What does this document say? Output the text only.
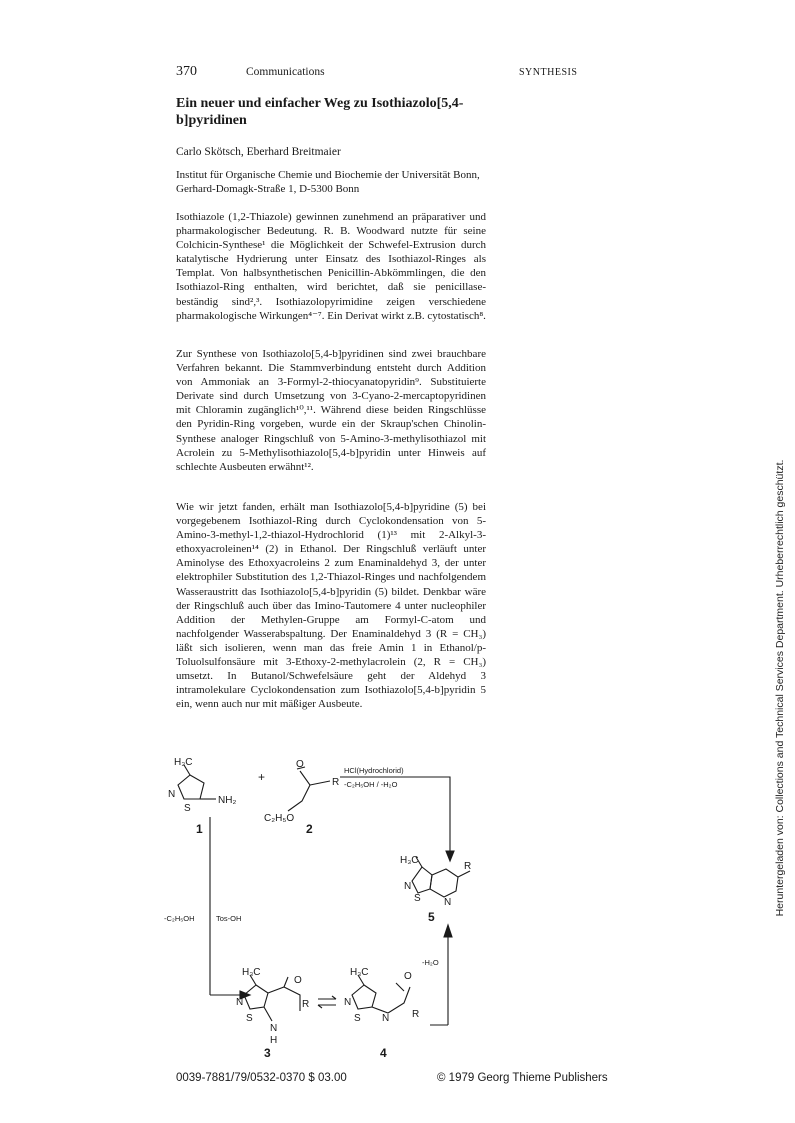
370	Communications	SYNTHESIS
Ein neuer und einfacher Weg zu Isothiazolo[5,4-b]pyridinen
Carlo Skötsch, Eberhard Breitmaier
Institut für Organische Chemie und Biochemie der Universität Bonn, Gerhard-Domagk-Straße 1, D-5300 Bonn
Isothiazole (1,2-Thiazole) gewinnen zunehmend an präparativer und pharmakologischer Bedeutung. R. B. Woodward nutzte für seine Colchicin-Synthese¹ die Möglichkeit der Schwefel-Extrusion durch katalytische Hydrierung unter Einsatz des Isothiazol-Ringes als Templat. Von halbsynthetischen Penicillin-Abkömmlingen, die den Isothiazol-Ring enthalten, wird berichtet, daß sie penicillase-beständig sind²,³. Isothiazolopyrimidine zeigen verschiedene pharmakologische Wirkungen⁴⁻⁷. Ein Derivat wirkt z.B. cytostatisch⁸.
Zur Synthese von Isothiazolo[5,4-b]pyridinen sind zwei brauchbare Verfahren bekannt. Die Stammverbindung entsteht durch Addition von Ammoniak an 3-Formyl-2-thiocyanatopyridin⁹. Substituierte Derivate sind durch Umsetzung von 3-Cyano-2-mercaptopyridinen mit Chloramin zugänglich¹⁰,¹¹. Während diese beiden Ringschlüsse den Pyridin-Ring vorgeben, wurde ein der Skraup'schen Chinolin-Synthese analoger Ringschluß von 5-Amino-3-methylisothiazol mit Acrolein zu 5-Methylisothiazolo[5,4-b]pyridin unter Hinweis auf schlechte Ausbeuten erwähnt¹².
Wie wir jetzt fanden, erhält man Isothiazolo[5,4-b]pyridine (5) bei vorgegebenem Isothiazol-Ring durch Cyclokondensation von 5-Amino-3-methyl-1,2-thiazol-Hydrochlorid (1)¹³ mit 2-Alkyl-3-ethoxyacroleinen¹⁴ (2) in Ethanol. Der Ringschluß verläuft unter Aminolyse des Ethoxyacroleins 2 zum Enaminaldehyd 3, der unter elektrophiler Substitution des 1,2-Thiazol-Ringes und nachfolgendem Wasseraustritt das Isothiazolo[5,4-b]pyridin (5) bildet. Denkbar wäre der Ringschluß auch über das Imino-Tautomere 4 unter nucleophiler Addition der Methylen-Gruppe am Formyl-C-atom und nachfolgender Wasserabspaltung. Der Enaminaldehyd 3 (R = CH₃) läßt sich isolieren, wenn man das freie Amin 1 in Ethanol/p-Toluolsulfonsäure mit 3-Ethoxy-2-methylacrolein (2, R = CH₃) umsetzt. In Butanol/Schwefelsäure geht der Aldehyd 3 intramolekulare Cyclokondensation zum Isothiazolo[5,4-b]pyridin 5 ein, wenn auch nur mit mäßiger Ausbeute.
H₃C
N
S
NH₂
+
O
R
C₂H₅O
1	2
HCl(Hydrochlorid)
-C₂H₅OH / -H₂O
H₃C
R
N
S N
5
-C₂H₅OH	Tos-OH
-H₂O
H₃C
O
R
N
S
N
H
3
H₃C	O
R
N
S N
4
0039-7881/79/0532-0370 $ 03.00	© 1979 Georg Thieme Publishers
Heruntergeladen von: Collections and Technical Services Department. Urheberrechtlich geschützt.
